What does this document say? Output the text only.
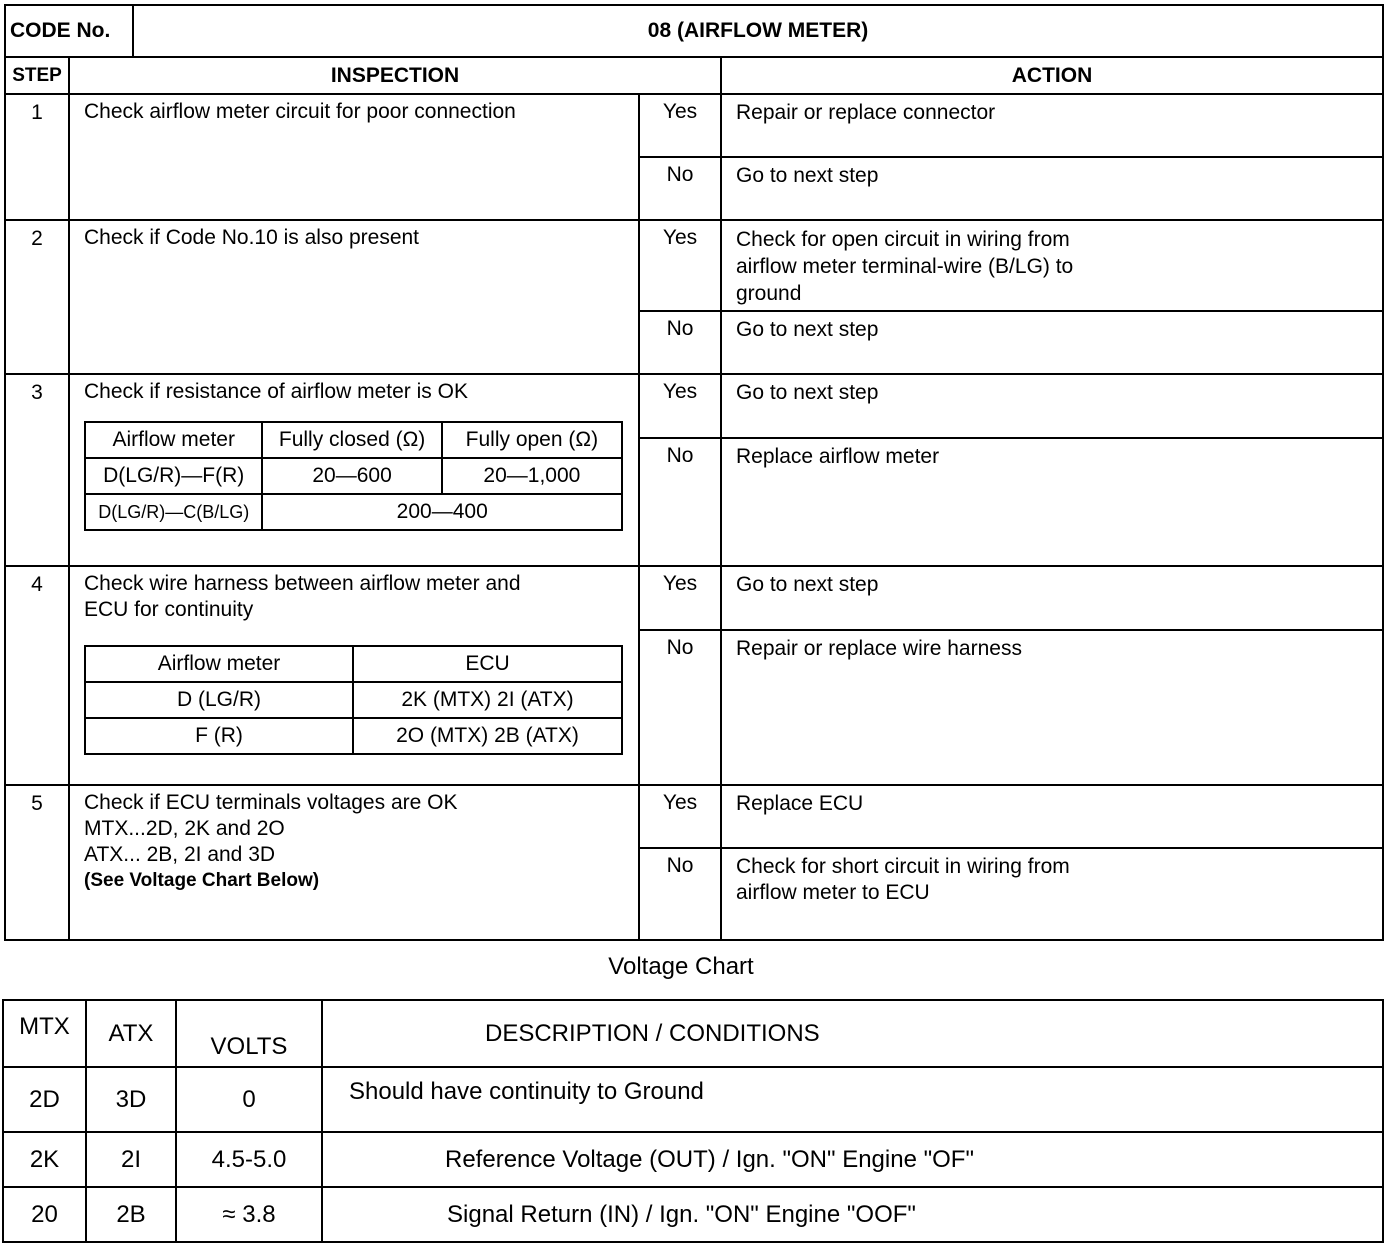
CODE No.	08 (AIRFLOW METER)
STEP	INSPECTION	ACTION
1	Check airflow meter circuit for poor connection	Yes	Repair or replace connector
No	Go to next step
2	Check if Code No.10 is also present	Yes	Check for open circuit in wiring from
airflow meter terminal-wire (B/LG) to
ground
No	Go to next step
3	Check if resistance of airflow meter is OK
Airflow meter	Fully closed (Ω)	Fully open (Ω)
D(LG/R)—F(R)	20—600	20—1,000
D(LG/R)—C(B/LG)	200—400
	Yes	Go to next step
No	Replace airflow meter
4	Check wire harness between airflow meter and
ECU for continuity
Airflow meter	ECU
D (LG/R)	2K (MTX) 2I (ATX)
F (R)	2O (MTX) 2B (ATX)
	Yes	Go to next step
No	Repair or replace wire harness
5	Check if ECU terminals voltages are OK
MTX...2D, 2K and 2O
ATX... 2B, 2I and 3D
(See Voltage Chart Below)
	Yes	Replace ECU
No	Check for short circuit in wiring from
airflow meter to ECU
Voltage Chart
MTX	ATX	VOLTS	DESCRIPTION / CONDITIONS
2D	3D	0	Should have continuity to Ground
2K	2I	4.5-5.0	Reference Voltage (OUT) / Ign. "ON" Engine "OF"
20	2B	≈ 3.8	Signal Return (IN) / Ign. "ON" Engine "OOF"
